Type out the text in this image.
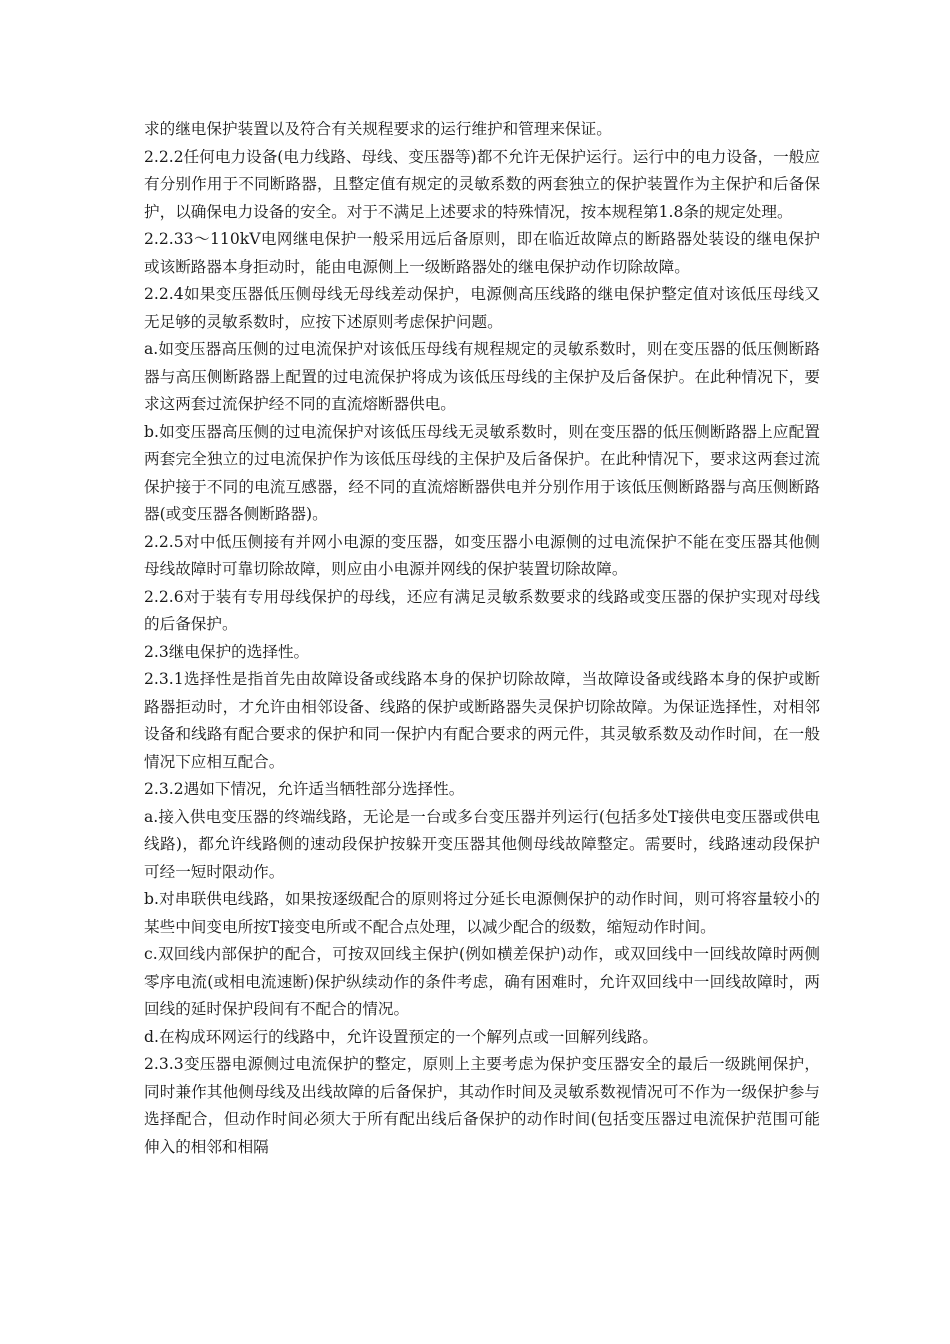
求的继电保护装置以及符合有关规程要求的运行维护和管理来保证。

2.2.2任何电力设备(电力线路、母线、变压器等)都不允许无保护运行。运行中的电力设备，一般应有分别作用于不同断路器，且整定值有规定的灵敏系数的两套独立的保护装置作为主保护和后备保护，以确保电力设备的安全。对于不满足上述要求的特殊情况，按本规程第1.8条的规定处理。

2.2.33～110kV电网继电保护一般采用远后备原则，即在临近故障点的断路器处装设的继电保护或该断路器本身拒动时，能由电源侧上一级断路器处的继电保护动作切除故障。

2.2.4如果变压器低压侧母线无母线差动保护，电源侧高压线路的继电保护整定值对该低压母线又无足够的灵敏系数时，应按下述原则考虑保护问题。

a.如变压器高压侧的过电流保护对该低压母线有规程规定的灵敏系数时，则在变压器的低压侧断路器与高压侧断路器上配置的过电流保护将成为该低压母线的主保护及后备保护。在此种情况下，要求这两套过流保护经不同的直流熔断器供电。

b.如变压器高压侧的过电流保护对该低压母线无灵敏系数时，则在变压器的低压侧断路器上应配置两套完全独立的过电流保护作为该低压母线的主保护及后备保护。在此种情况下，要求这两套过流保护接于不同的电流互感器，经不同的直流熔断器供电并分别作用于该低压侧断路器与高压侧断路器(或变压器各侧断路器)。

2.2.5对中低压侧接有并网小电源的变压器，如变压器小电源侧的过电流保护不能在变压器其他侧母线故障时可靠切除故障，则应由小电源并网线的保护装置切除故障。

2.2.6对于装有专用母线保护的母线，还应有满足灵敏系数要求的线路或变压器的保护实现对母线的后备保护。

2.3继电保护的选择性。

2.3.1选择性是指首先由故障设备或线路本身的保护切除故障，当故障设备或线路本身的保护或断路器拒动时，才允许由相邻设备、线路的保护或断路器失灵保护切除故障。为保证选择性，对相邻设备和线路有配合要求的保护和同一保护内有配合要求的两元件，其灵敏系数及动作时间，在一般情况下应相互配合。

2.3.2遇如下情况，允许适当牺牲部分选择性。

a.接入供电变压器的终端线路，无论是一台或多台变压器并列运行(包括多处T接供电变压器或供电线路)，都允许线路侧的速动段保护按躲开变压器其他侧母线故障整定。需要时，线路速动段保护可经一短时限动作。

b.对串联供电线路，如果按逐级配合的原则将过分延长电源侧保护的动作时间，则可将容量较小的某些中间变电所按T接变电所或不配合点处理，以减少配合的级数，缩短动作时间。

c.双回线内部保护的配合，可按双回线主保护(例如横差保护)动作，或双回线中一回线故障时两侧零序电流(或相电流速断)保护纵续动作的条件考虑，确有困难时，允许双回线中一回线故障时，两回线的延时保护段间有不配合的情况。

d.在构成环网运行的线路中，允许设置预定的一个解列点或一回解列线路。

2.3.3变压器电源侧过电流保护的整定，原则上主要考虑为保护变压器安全的最后一级跳闸保护，同时兼作其他侧母线及出线故障的后备保护，其动作时间及灵敏系数视情况可不作为一级保护参与选择配合，但动作时间必须大于所有配出线后备保护的动作时间(包括变压器过电流保护范围可能伸入的相邻和相隔
